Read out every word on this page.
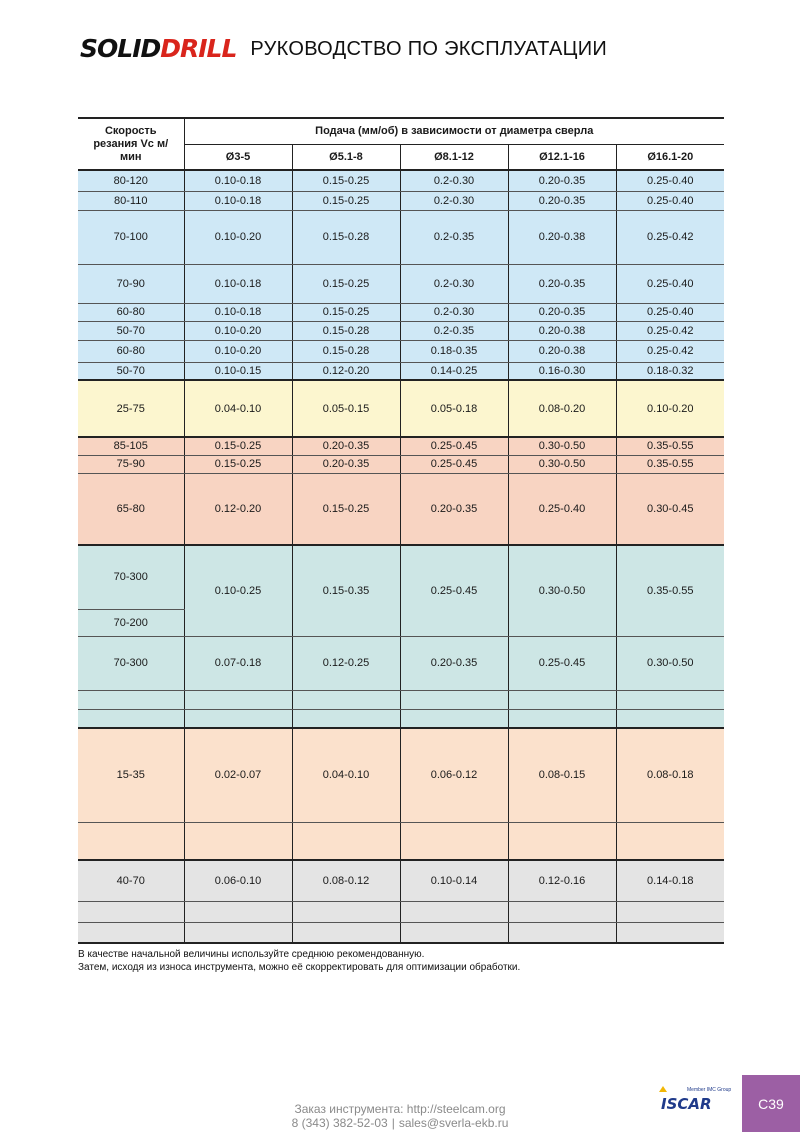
SOLIDDRILL РУКОВОДСТВО ПО ЭКСПЛУАТАЦИИ
Скорость резания Vc м/мин	Подача (мм/об) в зависимости от диаметра сверла				
	Ø3-5	Ø5.1-8	Ø8.1-12	Ø12.1-16	Ø16.1-20
80-120	0.10-0.18	0.15-0.25	0.2-0.30	0.20-0.35	0.25-0.40
80-110	0.10-0.18	0.15-0.25	0.2-0.30	0.20-0.35	0.25-0.40
70-100	0.10-0.20	0.15-0.28	0.2-0.35	0.20-0.38	0.25-0.42
70-90	0.10-0.18	0.15-0.25	0.2-0.30	0.20-0.35	0.25-0.40
60-80	0.10-0.18	0.15-0.25	0.2-0.30	0.20-0.35	0.25-0.40
50-70	0.10-0.20	0.15-0.28	0.2-0.35	0.20-0.38	0.25-0.42
60-80	0.10-0.20	0.15-0.28	0.18-0.35	0.20-0.38	0.25-0.42
50-70	0.10-0.15	0.12-0.20	0.14-0.25	0.16-0.30	0.18-0.32
25-75	0.04-0.10	0.05-0.15	0.05-0.18	0.08-0.20	0.10-0.20
85-105	0.15-0.25	0.20-0.35	0.25-0.45	0.30-0.50	0.35-0.55
75-90	0.15-0.25	0.20-0.35	0.25-0.45	0.30-0.50	0.35-0.55
65-80	0.12-0.20	0.15-0.25	0.20-0.35	0.25-0.40	0.30-0.45
70-300	0.10-0.25	0.15-0.35	0.25-0.45	0.30-0.50	0.35-0.55
70-200					
70-300	0.07-0.18	0.12-0.25	0.20-0.35	0.25-0.45	0.30-0.50

15-35	0.02-0.07	0.04-0.10	0.06-0.12	0.08-0.15	0.08-0.18

40-70	0.06-0.10	0.08-0.12	0.10-0.14	0.12-0.16	0.14-0.18

В качестве начальной величины используйте среднюю рекомендованную.
Затем, исходя из износа инструмента, можно её скорректировать для оптимизации обработки.
Заказ инструмента: http://steelcam.org
8 (343) 382-52-03 | sales@sverla-ekb.ru
Member IMC Group
ISCAR	C39
